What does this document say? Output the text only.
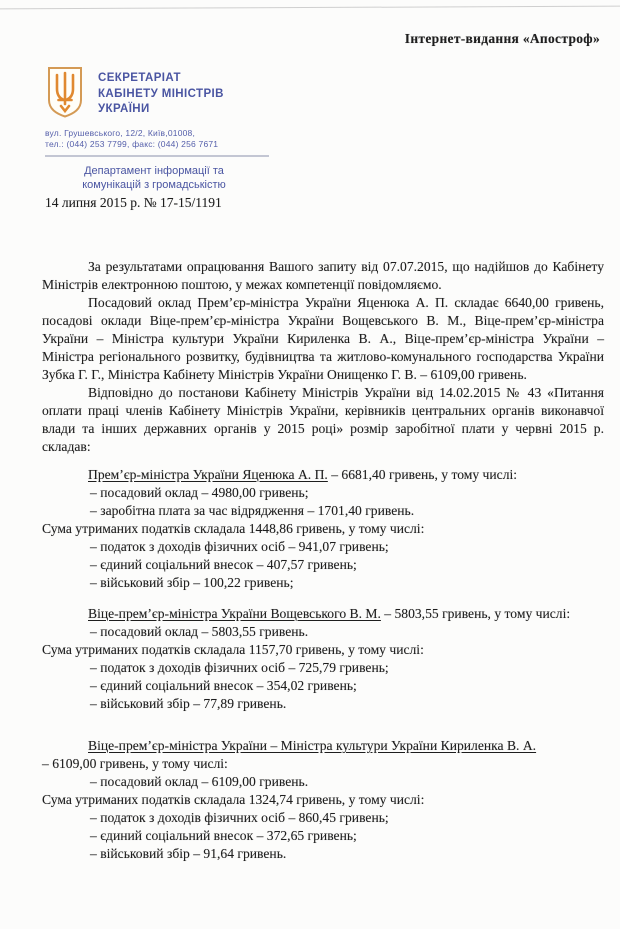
Інтернет-видання «Апостроф»
СЕКРЕТАРІАТ
КАБІНЕТУ МІНІСТРІВ
УКРАЇНИ
вул. Грушевського, 12/2, Київ,01008,
тел.: (044) 253 7799, факс: (044) 256 7671
Департамент інформації та
комунікацій з громадськістю
14 липня 2015 р. № 17-15/1191

За результатами опрацювання Вашого запиту від 07.07.2015, що надійшов до Кабінету Міністрів електронною поштою, у межах компетенції повідомляємо.

Посадовий оклад Прем’єр-міністра України Яценюка А. П. складає 6640,00 гривень, посадові оклади Віце-прем’єр-міністра України Вощевського В. М., Віце-прем’єр-міністра України – Міністра культури України Кириленка В. А., Віце-прем’єр-міністра України – Міністра регіонального розвитку, будівництва та житлово-комунального господарства України Зубка Г. Г., Міністра Кабінету Міністрів України Онищенко Г. В. – 6109,00 гривень.

Відповідно до постанови Кабінету Міністрів України від 14.02.2015 № 43 «Питання оплати праці членів Кабінету Міністрів України, керівників центральних органів виконавчої влади та інших державних органів у 2015 році» розмір заробітної плати у червні 2015 р. складав:

Прем’єр-міністра України Яценюка А. П. – 6681,40 гривень, у тому числі:

– посадовий оклад – 4980,00 гривень;
– заробітна плата за час відрядження – 1701,40 гривень.

Сума утриманих податків складала 1448,86 гривень, у тому числі:

– податок з доходів фізичних осіб – 941,07 гривень;
– єдиний соціальний внесок – 407,57 гривень;
– військовий збір – 100,22 гривень;

Віце-прем’єр-міністра України Вощевського В. М. – 5803,55 гривень, у тому числі:

– посадовий оклад – 5803,55 гривень.

Сума утриманих податків складала 1157,70 гривень, у тому числі:

– податок з доходів фізичних осіб – 725,79 гривень;
– єдиний соціальний внесок – 354,02 гривень;
– військовий збір – 77,89 гривень.

Віце-прем’єр-міністра України – Міністра культури України Кириленка В. А.
– 6109,00 гривень, у тому числі:

– посадовий оклад – 6109,00 гривень.

Сума утриманих податків складала 1324,74 гривень, у тому числі:

– податок з доходів фізичних осіб – 860,45 гривень;
– єдиний соціальний внесок – 372,65 гривень;
– військовий збір – 91,64 гривень.
